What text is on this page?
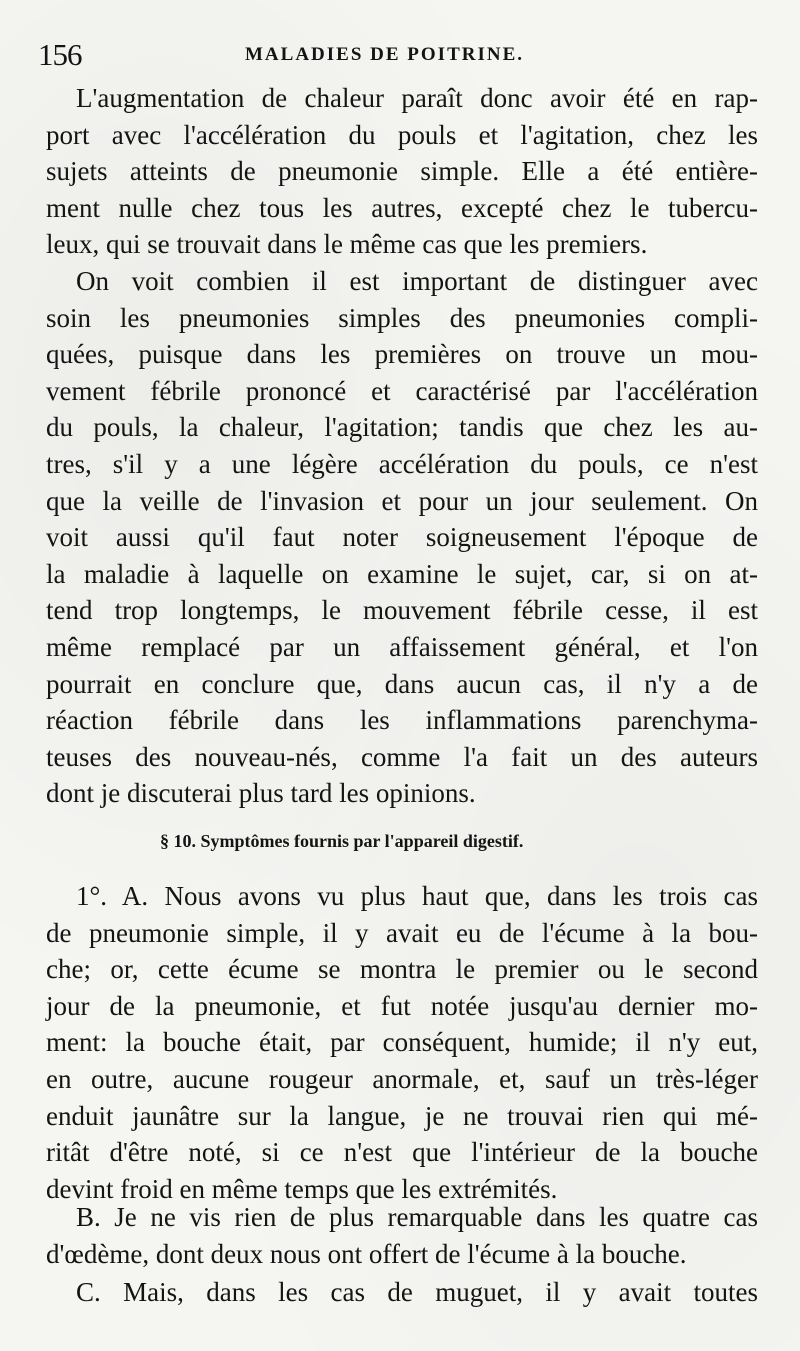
156	MALADIES DE POITRINE.
L'augmentation de chaleur paraît donc avoir été en rap-
port avec l'accélération du pouls et l'agitation, chez les
sujets atteints de pneumonie simple. Elle a été entière-
ment nulle chez tous les autres, excepté chez le tubercu-
leux, qui se trouvait dans le même cas que les premiers.
On voit combien il est important de distinguer avec
soin les pneumonies simples des pneumonies compli-
quées, puisque dans les premières on trouve un mou-
vement fébrile prononcé et caractérisé par l'accélération
du pouls, la chaleur, l'agitation; tandis que chez les au-
tres, s'il y a une légère accélération du pouls, ce n'est
que la veille de l'invasion et pour un jour seulement. On
voit aussi qu'il faut noter soigneusement l'époque de
la maladie à laquelle on examine le sujet, car, si on at-
tend trop longtemps, le mouvement fébrile cesse, il est
même remplacé par un affaissement général, et l'on
pourrait en conclure que, dans aucun cas, il n'y a de
réaction fébrile dans les inflammations parenchyma-
teuses des nouveau-nés, comme l'a fait un des auteurs
dont je discuterai plus tard les opinions.
§ 10. Symptômes fournis par l'appareil digestif.
1°. A. Nous avons vu plus haut que, dans les trois cas
de pneumonie simple, il y avait eu de l'écume à la bou-
che; or, cette écume se montra le premier ou le second
jour de la pneumonie, et fut notée jusqu'au dernier mo-
ment: la bouche était, par conséquent, humide; il n'y eut,
en outre, aucune rougeur anormale, et, sauf un très-léger
enduit jaunâtre sur la langue, je ne trouvai rien qui mé-
ritât d'être noté, si ce n'est que l'intérieur de la bouche
devint froid en même temps que les extrémités.
B. Je ne vis rien de plus remarquable dans les quatre cas
d'œdème, dont deux nous ont offert de l'écume à la bouche.
C. Mais, dans les cas de muguet, il y avait toutes
